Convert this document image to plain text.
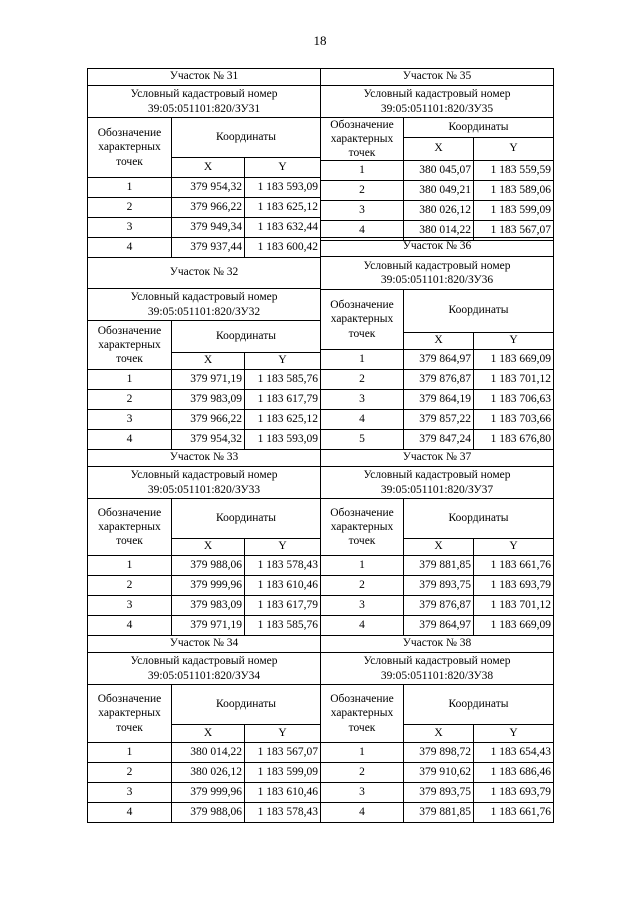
18
Участок № 31		
Условный кадастровый номер 39:05:051101:820/ЗУ31		
Обозначение характерных точек	Координаты	
	X	Y
1	379 954,32	1 183 593,09
2	379 966,22	1 183 625,12
3	379 949,34	1 183 632,44
4	379 937,44	1 183 600,42
Участок № 32		
Условный кадастровый номер 39:05:051101:820/ЗУ32		
Обозначение характерных точек	Координаты	
	X	Y
1	379 971,19	1 183 585,76
2	379 983,09	1 183 617,79
3	379 966,22	1 183 625,12
4	379 954,32	1 183 593,09
Участок № 33		
Условный кадастровый номер 39:05:051101:820/ЗУ33		
Обозначение характерных точек	Координаты	
	X	Y
1	379 988,06	1 183 578,43
2	379 999,96	1 183 610,46
3	379 983,09	1 183 617,79
4	379 971,19	1 183 585,76
Участок № 34		
Условный кадастровый номер 39:05:051101:820/ЗУ34		
Обозначение характерных точек	Координаты	
	X	Y
1	380 014,22	1 183 567,07
2	380 026,12	1 183 599,09
3	379 999,96	1 183 610,46
4	379 988,06	1 183 578,43
Участок № 35		
Условный кадастровый номер 39:05:051101:820/ЗУ35		
Обозначение характерных точек	Координаты	
	X	Y
1	380 045,07	1 183 559,59
2	380 049,21	1 183 589,06
3	380 026,12	1 183 599,09
4	380 014,22	1 183 567,07
Участок № 36		
Условный кадастровый номер 39:05:051101:820/ЗУ36		
Обозначение характерных точек	Координаты	
	X	Y
1	379 864,97	1 183 669,09
2	379 876,87	1 183 701,12
3	379 864,19	1 183 706,63
4	379 857,22	1 183 703,66
5	379 847,24	1 183 676,80
Участок № 37		
Условный кадастровый номер 39:05:051101:820/ЗУ37		
Обозначение характерных точек	Координаты	
	X	Y
1	379 881,85	1 183 661,76
2	379 893,75	1 183 693,79
3	379 876,87	1 183 701,12
4	379 864,97	1 183 669,09
Участок № 38		
Условный кадастровый номер 39:05:051101:820/ЗУ38		
Обозначение характерных точек	Координаты	
	X	Y
1	379 898,72	1 183 654,43
2	379 910,62	1 183 686,46
3	379 893,75	1 183 693,79
4	379 881,85	1 183 661,76
